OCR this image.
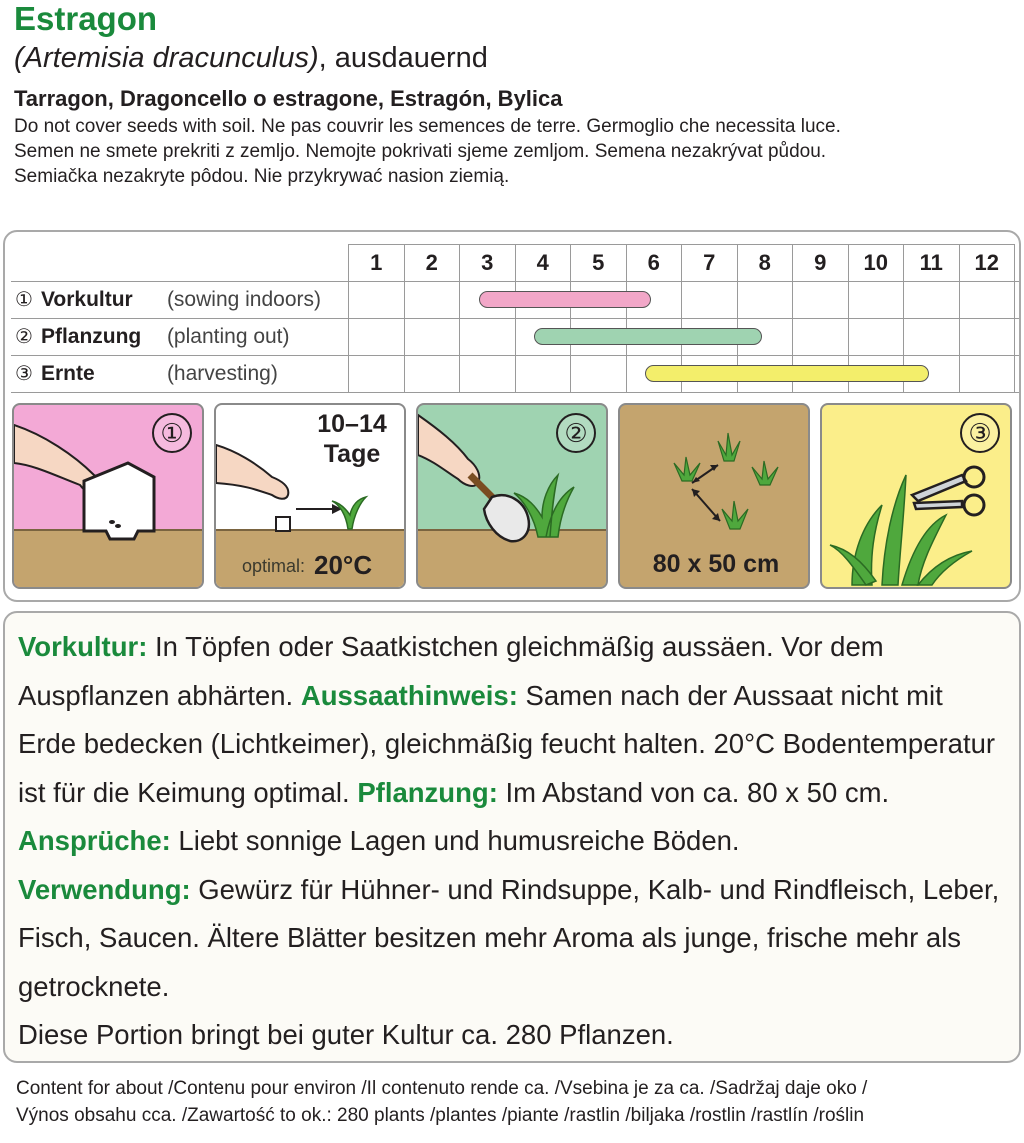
Estragon
(Artemisia dracunculus), ausdauernd
Tarragon, Dragoncello o estragone, Estragón, Bylica
Do not cover seeds with soil. Ne pas couvrir les semences de terre. Germoglio che necessita luce.
Semen ne smete prekriti z zemljo. Nemojte pokrivati sjeme zemljom. Semena nezakrývat půdou.
Semiačka nezakryte pôdou. Nie przykrywać nasion ziemią.
1	2	3	4	5	6	7	8	9	10	11	12
① Vorkultur (sowing indoors)
② Pflanzung (planting out)
③ Ernte	(harvesting)
①	10–14
Tage
optimal: 20°C
②
80 x 50 cm
③
Vorkultur: In Töpfen oder Saatkistchen gleichmäßig aussäen. Vor dem Auspflanzen abhärten. Aussaathinweis: Samen nach der Aussaat nicht mit Erde bedecken (Lichtkeimer), gleichmäßig feucht halten. 20°C Bodentemperatur ist für die Keimung optimal. Pflanzung: Im Abstand von ca. 80 x 50 cm.
Ansprüche: Liebt sonnige Lagen und humusreiche Böden.
Verwendung: Gewürz für Hühner- und Rindsuppe, Kalb- und Rindfleisch, Leber, Fisch, Saucen. Ältere Blätter besitzen mehr Aroma als junge, frische mehr als getrocknete.
Diese Portion bringt bei guter Kultur ca. 280 Pflanzen.
Content for about /Contenu pour environ /Il contenuto rende ca. /Vsebina je za ca. /Sadržaj daje oko /
Výnos obsahu cca. /Zawartość to ok.: 280 plants /plantes /piante /rastlin /biljaka /rostlin /rastlín /roślin
